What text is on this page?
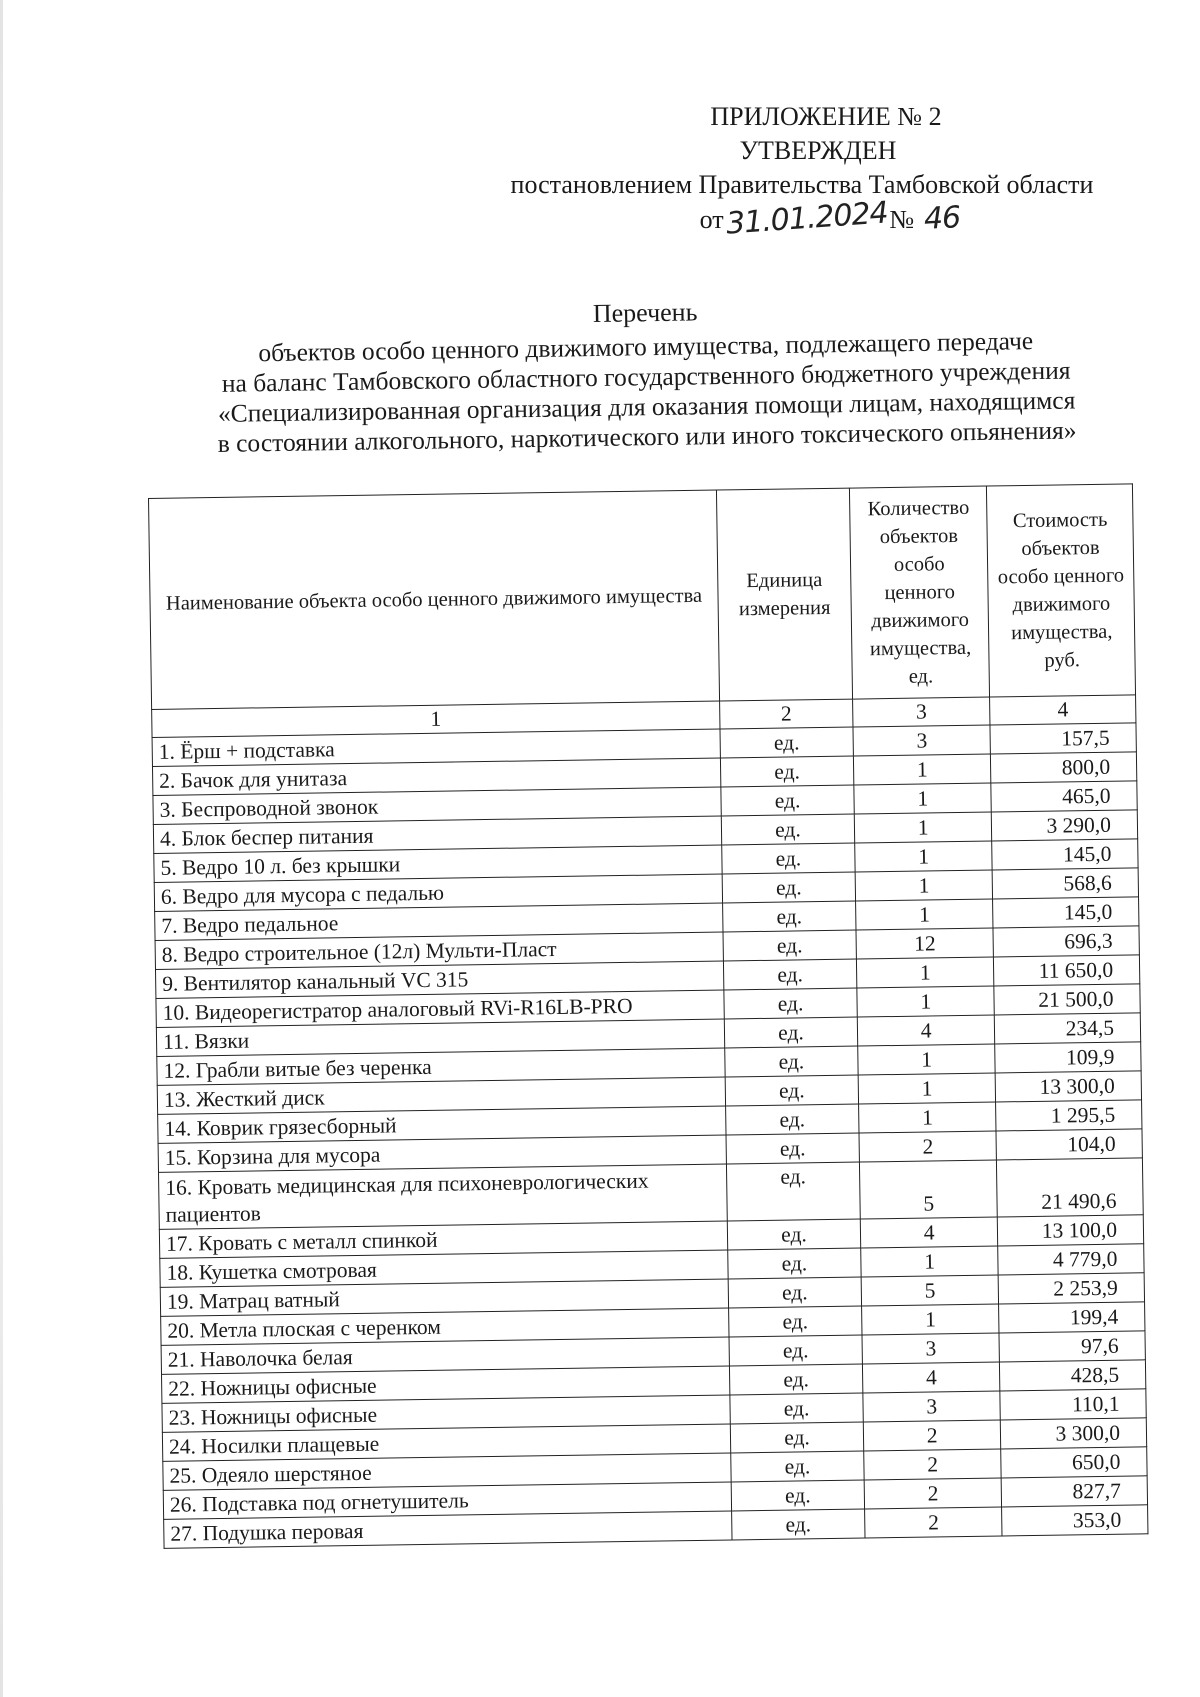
ПРИЛОЖЕНИЕ № 2
УТВЕРЖДЕН
постановлением Правительства Тамбовской области
от31.01.2024№ 46
Перечень
объектов особо ценного движимого имущества, подлежащего передаче
на баланс Тамбовского областного государственного бюджетного учреждения
«Специализированная организация для оказания помощи лицам, находящимся
в состоянии алкогольного, наркотического или иного токсического опьянения»
Наименование объекта особо ценного движимого имущества	Единица измерения	Количество объектов особо ценного движимого имущества, ед.	Стоимость объектов особо ценного движимого имущества, руб.
1	2	3	4
1. Ёрш + подставка	ед.	3	157,5
2. Бачок для унитаза	ед.	1	800,0
3. Беспроводной звонок	ед.	1	465,0
4. Блок беспер питания	ед.	1	3 290,0
5. Ведро 10 л. без крышки	ед.	1	145,0
6. Ведро для мусора с педалью	ед.	1	568,6
7. Ведро педальное	ед.	1	145,0
8. Ведро строительное (12л) Мульти-Пласт	ед.	12	696,3
9. Вентилятор канальный VC 315	ед.	1	11 650,0
10. Видеорегистратор аналоговый RVi-R16LB-PRO	ед.	1	21 500,0
11. Вязки	ед.	4	234,5
12. Грабли витые без черенка	ед.	1	109,9
13. Жесткий диск	ед.	1	13 300,0
14. Коврик грязесборный	ед.	1	1 295,5
15. Корзина для мусора	ед.	2	104,0
16. Кровать медицинская для психоневрологических пациентов	ед.	5	21 490,6
17. Кровать с металл спинкой	ед.	4	13 100,0
18. Кушетка смотровая	ед.	1	4 779,0
19. Матрац ватный	ед.	5	2 253,9
20. Метла плоская с черенком	ед.	1	199,4
21. Наволочка белая	ед.	3	97,6
22. Ножницы офисные	ед.	4	428,5
23. Ножницы офисные	ед.	3	110,1
24. Носилки плащевые	ед.	2	3 300,0
25. Одеяло шерстяное	ед.	2	650,0
26. Подставка под огнетушитель	ед.	2	827,7
27. Подушка перовая	ед.	2	353,0
